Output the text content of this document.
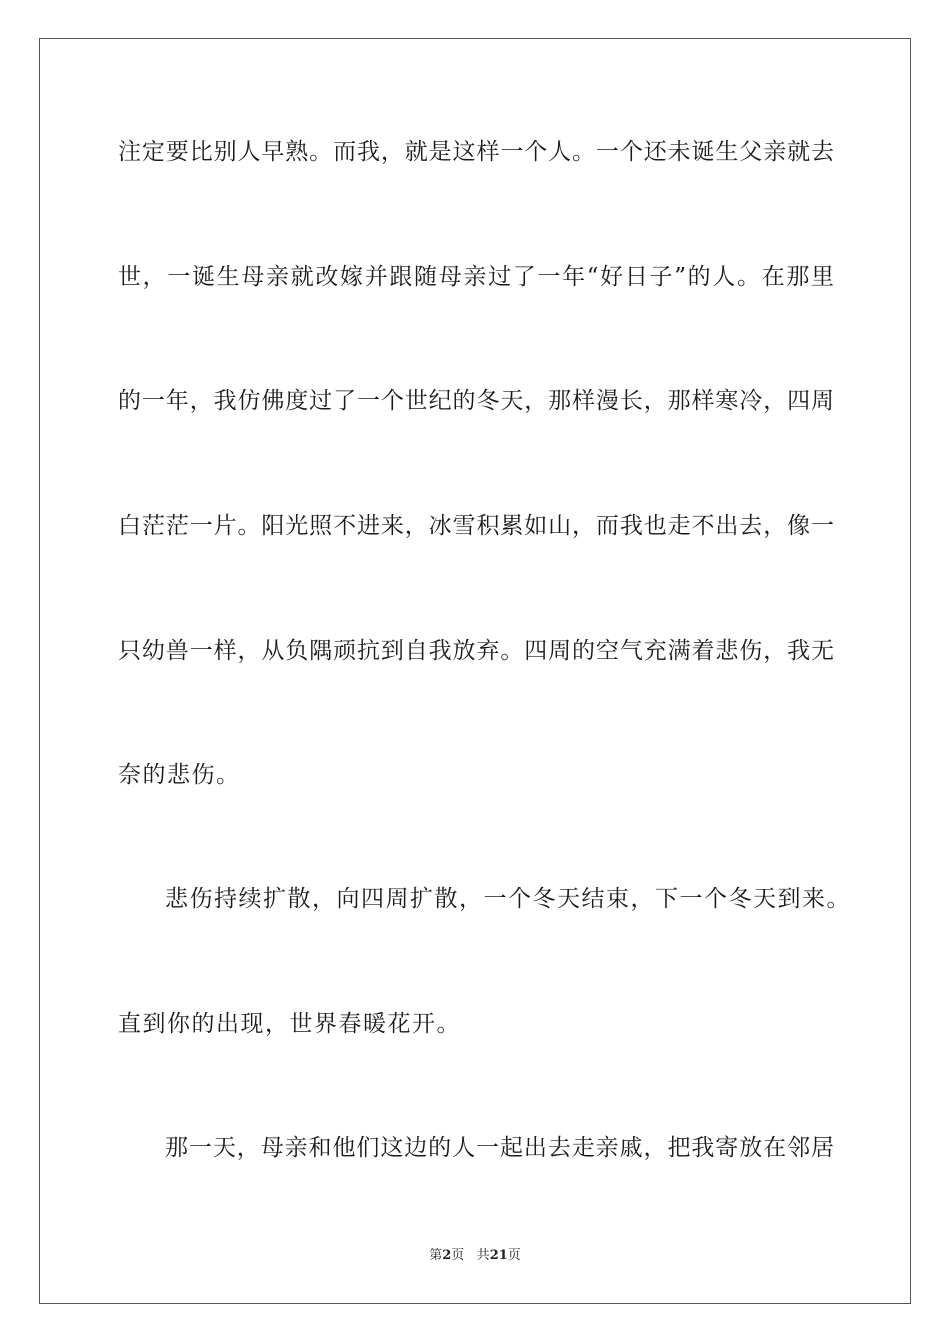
注定要比别人早熟。而我，就是这样一个人。一个还未诞生父亲就去
世，一诞生母亲就改嫁并跟随母亲过了一年“好日子”的人。在那里
的一年，我仿佛度过了一个世纪的冬天，那样漫长，那样寒冷，四周
白茫茫一片。阳光照不进来，冰雪积累如山，而我也走不出去，像一
只幼兽一样，从负隅顽抗到自我放弃。四周的空气充满着悲伤，我无
奈的悲伤。
悲伤持续扩散，向四周扩散，一个冬天结束，下一个冬天到来。
直到你的出现，世界春暖花开。
那一天，母亲和他们这边的人一起出去走亲戚，把我寄放在邻居
第2页 共21页
